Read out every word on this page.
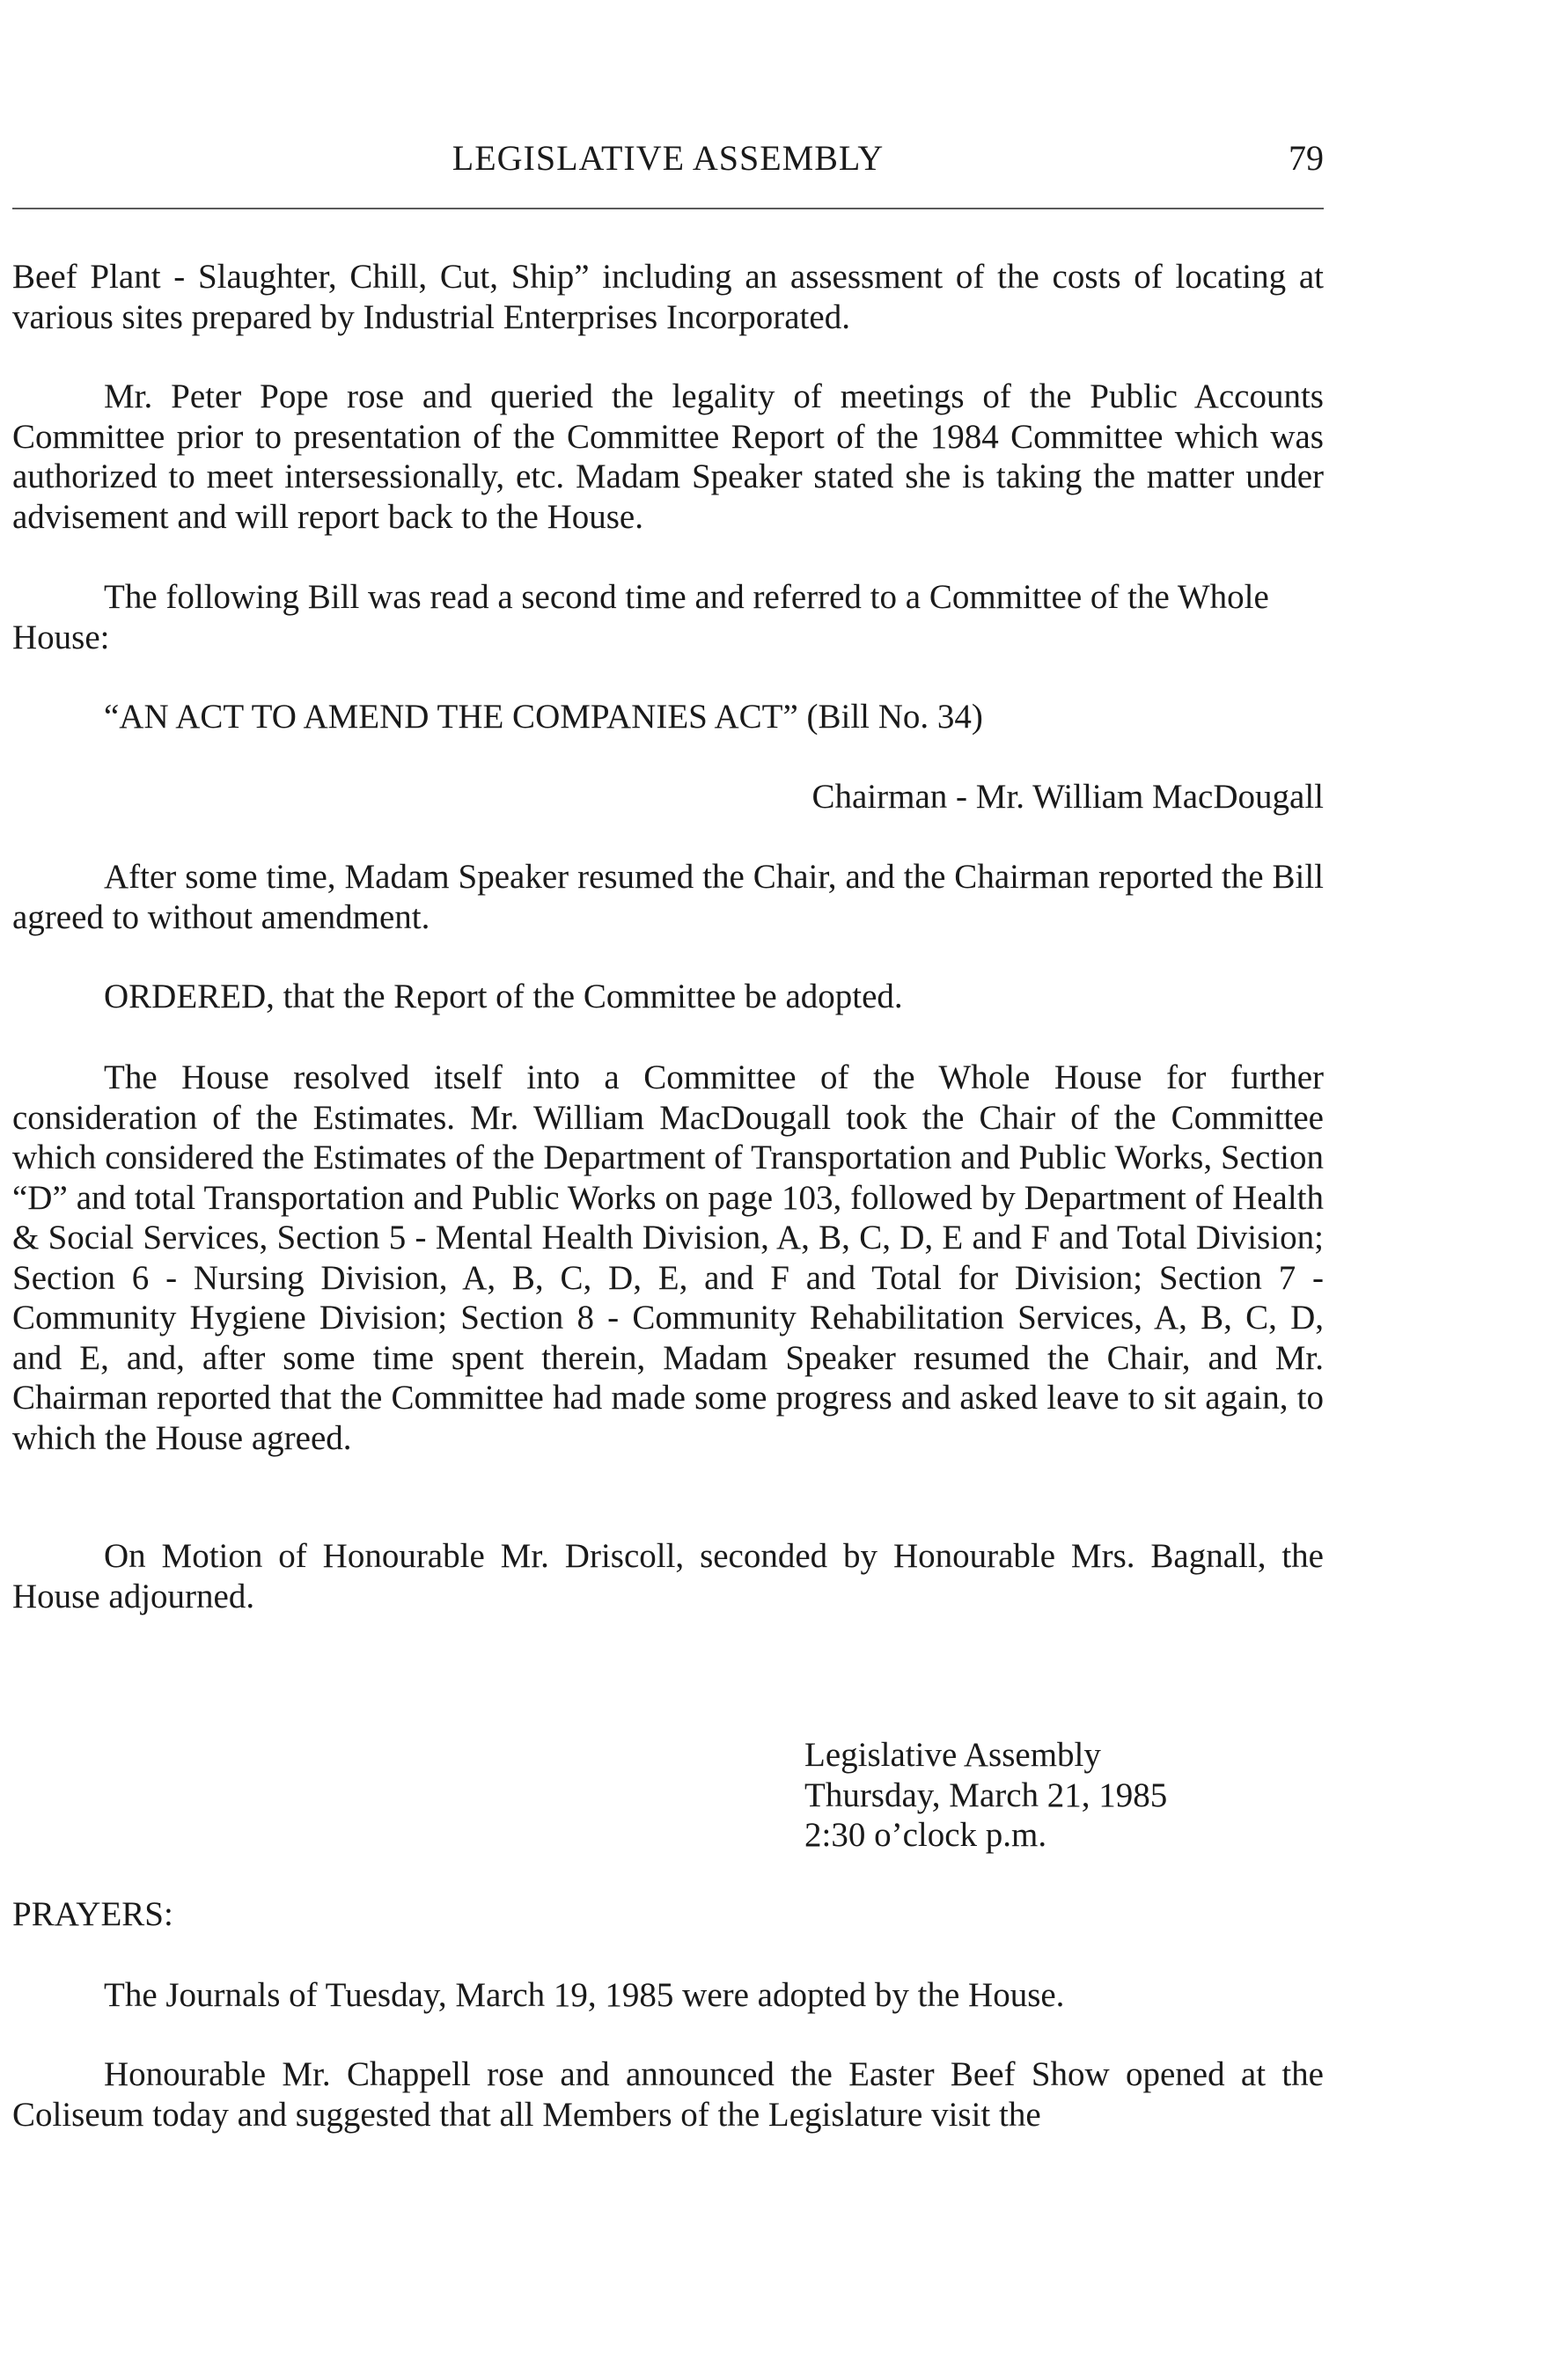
LEGISLATIVE ASSEMBLY	79

Beef Plant - Slaughter, Chill, Cut, Ship” including an assessment of the costs of locating at various sites prepared by Industrial Enterprises Incorporated.

Mr. Peter Pope rose and queried the legality of meetings of the Public Accounts Committee prior to presentation of the Committee Report of the 1984 Committee which was authorized to meet intersessionally, etc. Madam Speaker stated she is taking the matter under advisement and will report back to the House.

The following Bill was read a second time and referred to a Committee of the Whole House:

“AN ACT TO AMEND THE COMPANIES ACT” (Bill No. 34)
Chairman - Mr. William MacDougall

After some time, Madam Speaker resumed the Chair, and the Chairman reported the Bill agreed to without amendment.

ORDERED, that the Report of the Committee be adopted.

The House resolved itself into a Committee of the Whole House for further consideration of the Estimates. Mr. William MacDougall took the Chair of the Committee which considered the Estimates of the Department of Transportation and Public Works, Section “D” and total Transportation and Public Works on page 103, followed by Department of Health & Social Services, Section 5 - Mental Health Division, A, B, C, D, E and F and Total Division; Section 6 - Nursing Division, A, B, C, D, E, and F and Total for Division; Section 7 - Community Hygiene Division; Section 8 - Community Rehabilitation Services, A, B, C, D, and E, and, after some time spent therein, Madam Speaker resumed the Chair, and Mr. Chairman reported that the Committee had made some progress and asked leave to sit again, to which the House agreed.

On Motion of Honourable Mr. Driscoll, seconded by Honourable Mrs. Bagnall, the House adjourned.

Legislative Assembly
Thursday, March 21, 1985
2:30 o’clock p.m.
PRAYERS:
The Journals of Tuesday, March 19, 1985 were adopted by the House.

Honourable Mr. Chappell rose and announced the Easter Beef Show opened at the Coliseum today and suggested that all Members of the Legislature visit the
